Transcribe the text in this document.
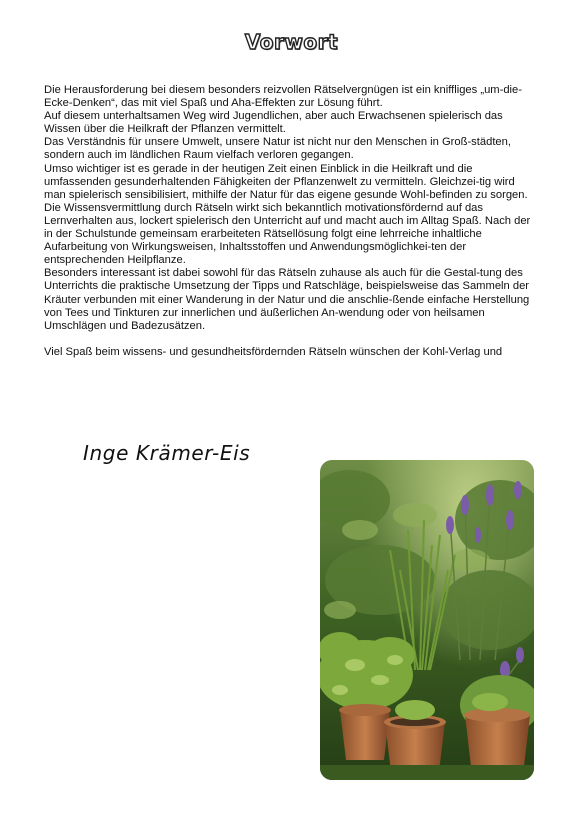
Vorwort

Die Herausforderung bei diesem besonders reizvollen Rätselvergnügen ist ein kniffliges „um-die-Ecke-Denken“, das mit viel Spaß und Aha-Effekten zur Lösung führt.

Auf diesem unterhaltsamen Weg wird Jugendlichen, aber auch Erwachsenen spielerisch das Wissen über die Heilkraft der Pflanzen vermittelt.

Das Verständnis für unsere Umwelt, unsere Natur ist nicht nur den Menschen in Groß-städten, sondern auch im ländlichen Raum vielfach verloren gegangen.

Umso wichtiger ist es gerade in der heutigen Zeit einen Einblick in die Heilkraft und die umfassenden gesunderhaltenden Fähigkeiten der Pflanzenwelt zu vermitteln. Gleichzei-tig wird man spielerisch sensibilisiert, mithilfe der Natur für das eigene gesunde Wohl-befinden zu sorgen.

Die Wissensvermittlung durch Rätseln wirkt sich bekanntlich motivationsfördernd auf das Lernverhalten aus, lockert spielerisch den Unterricht auf und macht auch im Alltag Spaß. Nach der in der Schulstunde gemeinsam erarbeiteten Rätsellösung folgt eine lehrreiche inhaltliche Aufarbeitung von Wirkungsweisen, Inhaltsstoffen und Anwendungsmöglichkei-ten der entsprechenden Heilpflanze.

Besonders interessant ist dabei sowohl für das Rätseln zuhause als auch für die Gestal-tung des Unterrichts die praktische Umsetzung der Tipps und Ratschläge, beispielsweise das Sammeln der Kräuter verbunden mit einer Wanderung in der Natur und die anschlie-ßende einfache Herstellung von Tees und Tinkturen zur innerlichen und äußerlichen An-wendung oder von heilsamen Umschlägen und Badezusätzen.

Viel Spaß beim wissens- und gesundheitsfördernden Rätseln wünschen der Kohl-Verlag und

Inge Krämer-Eis
